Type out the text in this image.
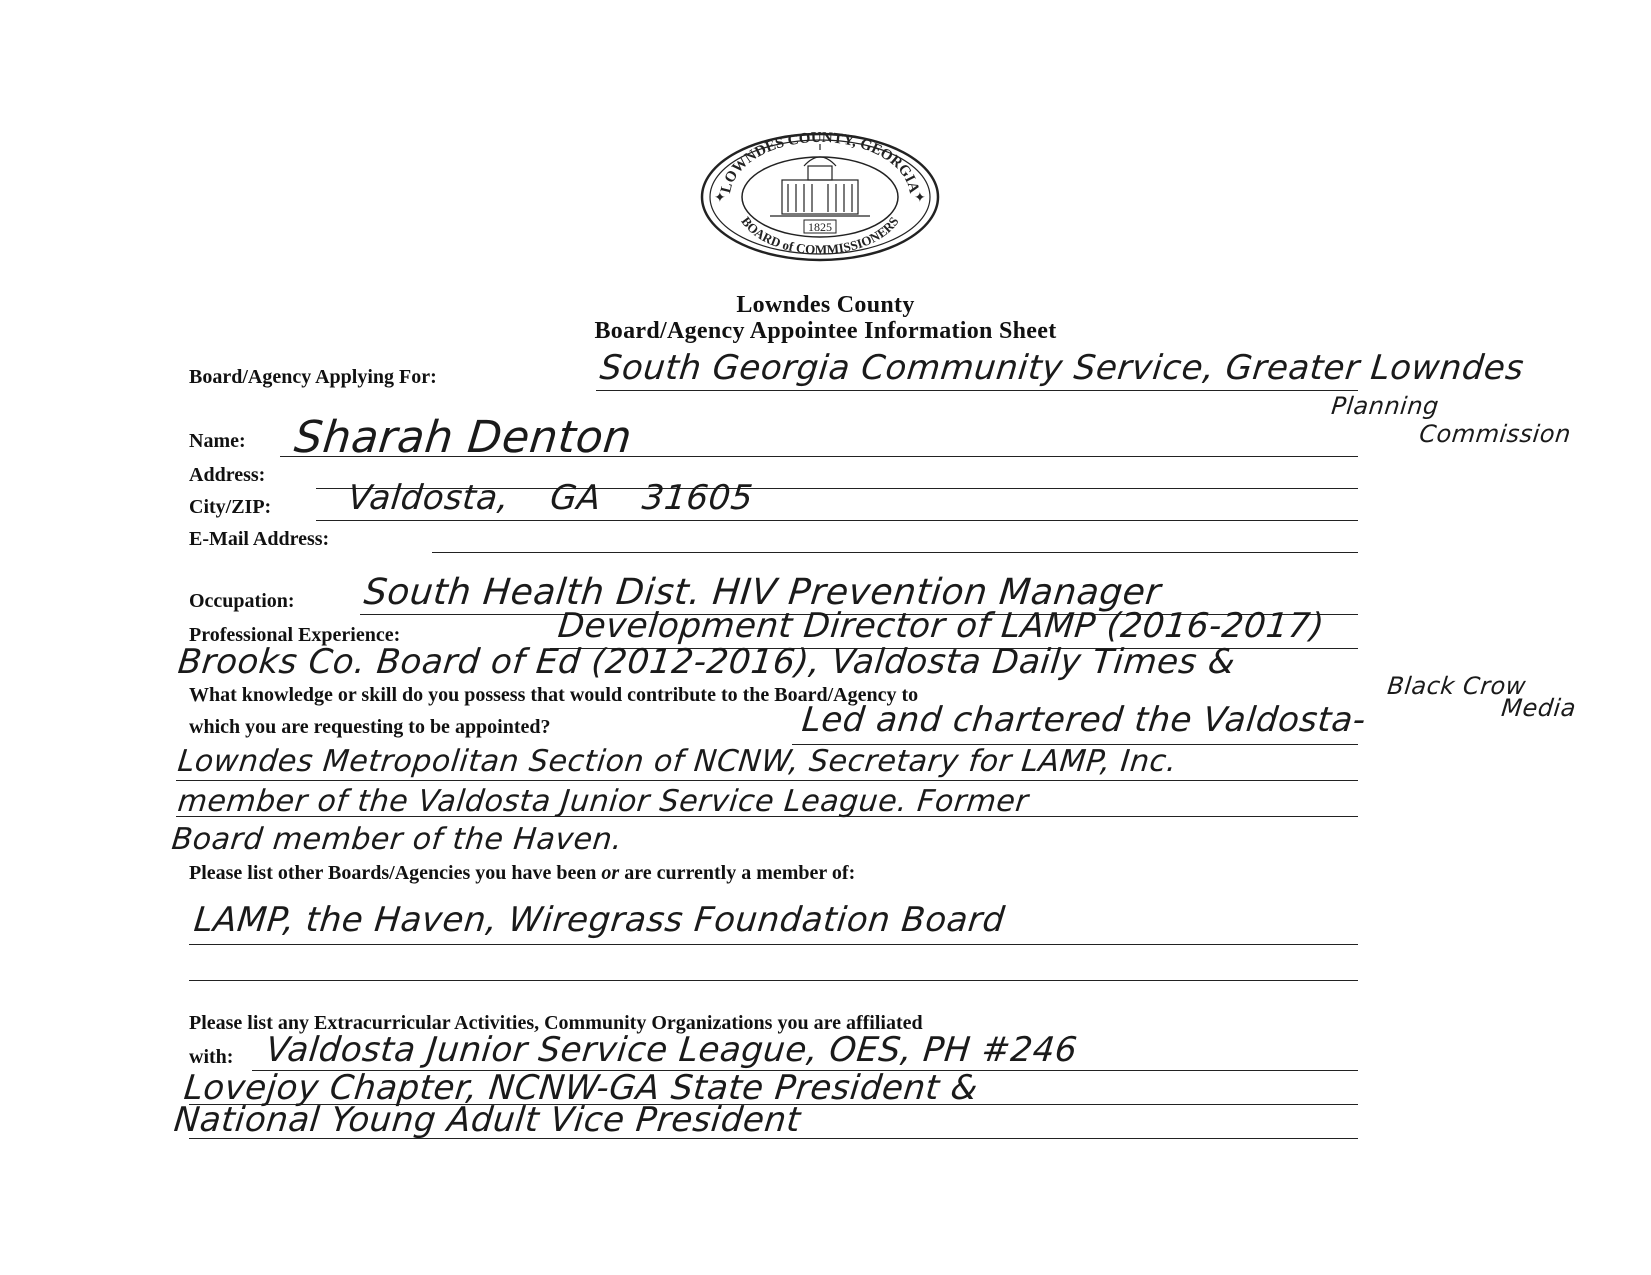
LOWNDES COUNTY, GEORGIA
BOARD of COMMISSIONERS
1825
✦	✦
Lowndes County
Board/Agency Appointee Information Sheet
Board/Agency Applying For:	South Georgia Community Service, Greater Lowndes
Planning
Commission
Name: Sharah Denton
Address:
City/ZIP: Valdosta, GA 31605
E-Mail Address:
Occupation: South Health Dist. HIV Prevention Manager
Professional Experience:	Development Director of LAMP (2016-2017)
Brooks Co. Board of Ed (2012-2016), Valdosta Daily Times &
Black Crow
Media
What knowledge or skill do you possess that would contribute to the Board/Agency to
which you are requesting to be appointed?	Led and chartered the Valdosta-
Lowndes Metropolitan Section of NCNW, Secretary for LAMP, Inc.
member of the Valdosta Junior Service League. Former
Board member of the Haven.
Please list other Boards/Agencies you have been or are currently a member of:
LAMP, the Haven, Wiregrass Foundation Board
Please list any Extracurricular Activities, Community Organizations you are affiliated
with: Valdosta Junior Service League, OES, PH #246
Lovejoy Chapter, NCNW-GA State President &
National Young Adult Vice President
